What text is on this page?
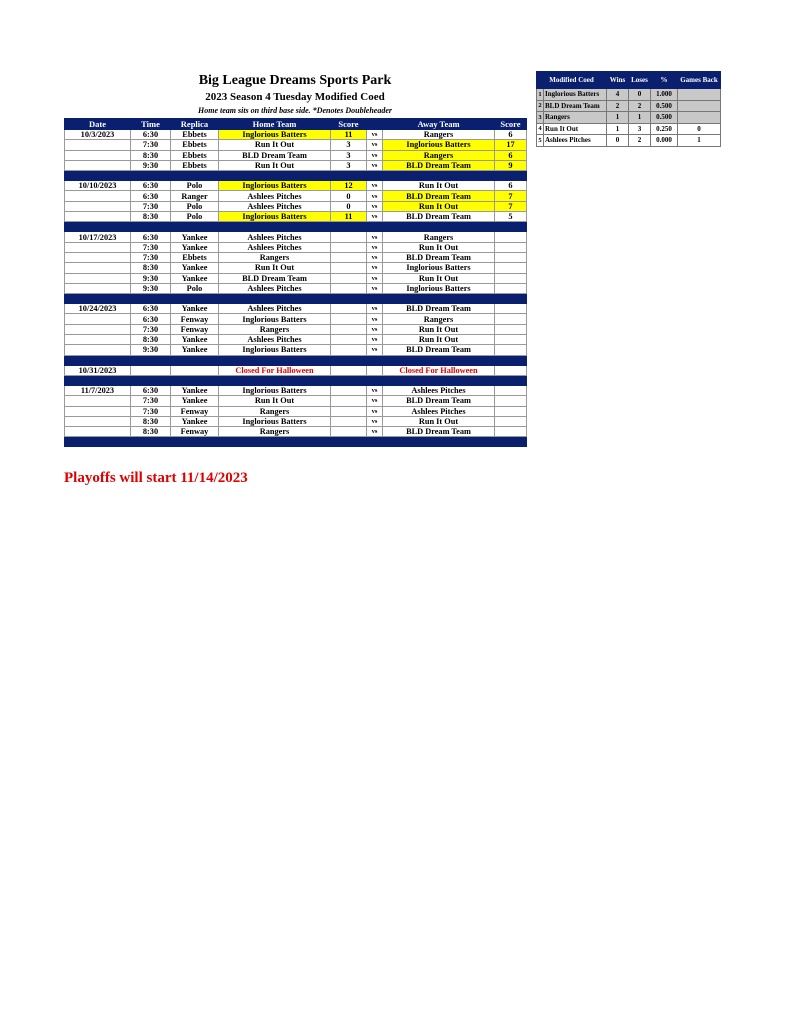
Big League Dreams Sports Park
2023 Season 4 Tuesday Modified Coed
Home team sits on third base side. *Denotes Doubleheader
Date	Time	Replica	Home Team	Score		Away Team	Score
10/3/2023	6:30	Ebbets	Inglorious Batters	11	vs	Rangers	6
	7:30	Ebbets	Run It Out	3	vs	Inglorious Batters	17
	8:30	Ebbets	BLD Dream Team	3	vs	Rangers	6
	9:30	Ebbets	Run It Out	3	vs	BLD Dream Team	9

10/10/2023	6:30	Polo	Inglorious Batters	12	vs	Run It Out	6
	6:30	Ranger	Ashlees Pitches	0	vs	BLD Dream Team	7
	7:30	Polo	Ashlees Pitches	0	vs	Run It Out	7
	8:30	Polo	Inglorious Batters	11	vs	BLD Dream Team	5

10/17/2023	6:30	Yankee	Ashlees Pitches		vs	Rangers	
	7:30	Yankee	Ashlees Pitches		vs	Run It Out	
	7:30	Ebbets	Rangers		vs	BLD Dream Team	
	8:30	Yankee	Run It Out		vs	Inglorious Batters	
	9:30	Yankee	BLD Dream Team		vs	Run It Out	
	9:30	Polo	Ashlees Pitches		vs	Inglorious Batters	

10/24/2023	6:30	Yankee	Ashlees Pitches		vs	BLD Dream Team	
	6:30	Fenway	Inglorious Batters		vs	Rangers	
	7:30	Fenway	Rangers		vs	Run It Out	
	8:30	Yankee	Ashlees Pitches		vs	Run It Out	
	9:30	Yankee	Inglorious Batters		vs	BLD Dream Team	

10/31/2023			Closed For Halloween			Closed For Halloween	

11/7/2023	6:30	Yankee	Inglorious Batters		vs	Ashlees Pitches	
	7:30	Yankee	Run It Out		vs	BLD Dream Team	
	7:30	Fenway	Rangers		vs	Ashlees Pitches	
	8:30	Yankee	Inglorious Batters		vs	Run It Out	
	8:30	Fenway	Rangers		vs	BLD Dream Team	

Modified Coed		Wins	Loses	%	Games Back
1	Inglorious Batters	4	0	1.000	
2	BLD Dream Team	2	2	0.500	
3	Rangers	1	1	0.500	
4	Run It Out	1	3	0.250	0
5	Ashlees Pitches	0	2	0.000	1
Playoffs will start 11/14/2023
